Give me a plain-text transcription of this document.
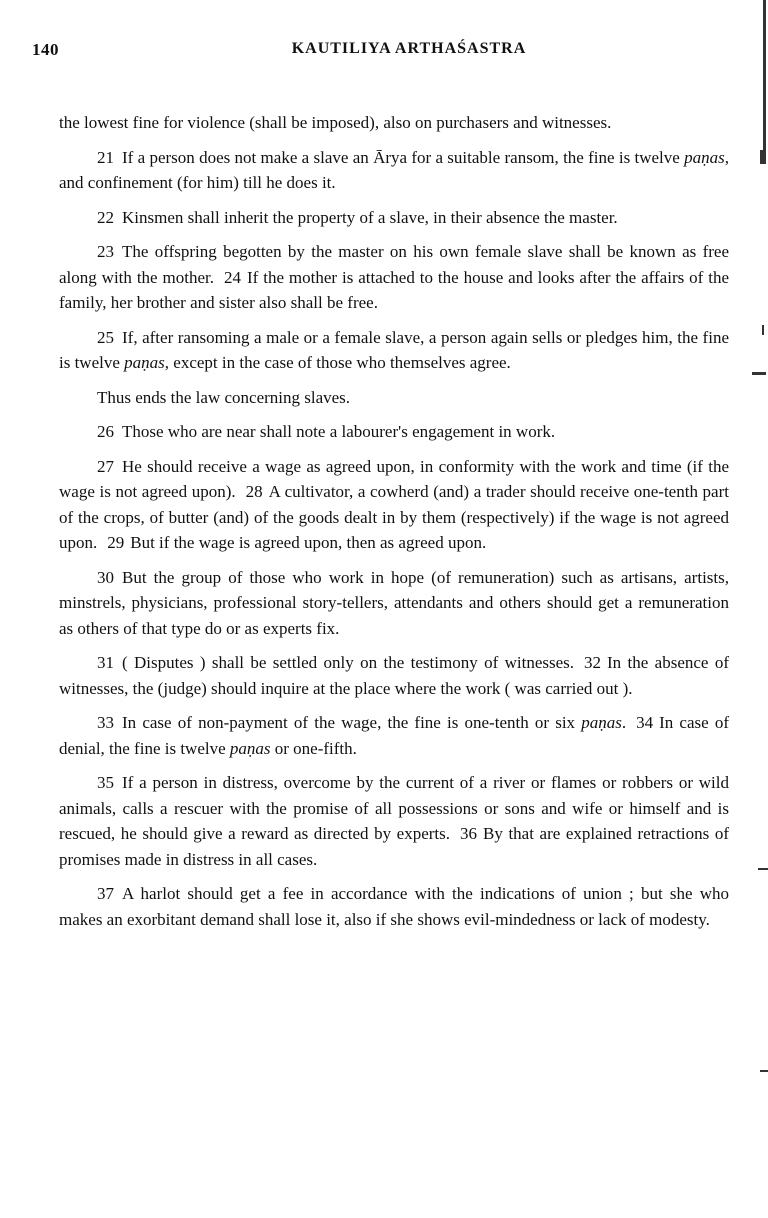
140	KAUTILIYA ARTHAŚASTRA

the lowest fine for violence (shall be imposed), also on purchasers and witnesses.

21 If a person does not make a slave an Ārya for a suitable ransom, the fine is twelve paṇas, and confinement (for him) till he does it.

22 Kinsmen shall inherit the property of a slave, in their absence the master.

23 The offspring begotten by the master on his own female slave shall be known as free along with the mother. 24 If the mother is attached to the house and looks after the affairs of the family, her brother and sister also shall be free.

25 If, after ransoming a male or a female slave, a person again sells or pledges him, the fine is twelve paṇas, except in the case of those who themselves agree.

Thus ends the law concerning slaves.

26 Those who are near shall note a labourer's engagement in work.

27 He should receive a wage as agreed upon, in conformity with the work and time (if the wage is not agreed upon). 28 A cultivator, a cowherd (and) a trader should receive one-tenth part of the crops, of butter (and) of the goods dealt in by them (respectively) if the wage is not agreed upon. 29 But if the wage is agreed upon, then as agreed upon.

30 But the group of those who work in hope (of remuneration) such as artisans, artists, minstrels, physicians, professional story-tellers, attendants and others should get a remuneration as others of that type do or as experts fix.

31 ( Disputes ) shall be settled only on the testimony of witnesses. 32 In the absence of witnesses, the (judge) should inquire at the place where the work ( was carried out ).

33 In case of non-payment of the wage, the fine is one-tenth or six paṇas. 34 In case of denial, the fine is twelve paṇas or one-fifth.

35 If a person in distress, overcome by the current of a river or flames or robbers or wild animals, calls a rescuer with the promise of all possessions or sons and wife or himself and is rescued, he should give a reward as directed by experts. 36 By that are explained retractions of promises made in distress in all cases.

37 A harlot should get a fee in accordance with the indications of union ; but she who makes an exorbitant demand shall lose it, also if she shows evil-mindedness or lack of modesty.
